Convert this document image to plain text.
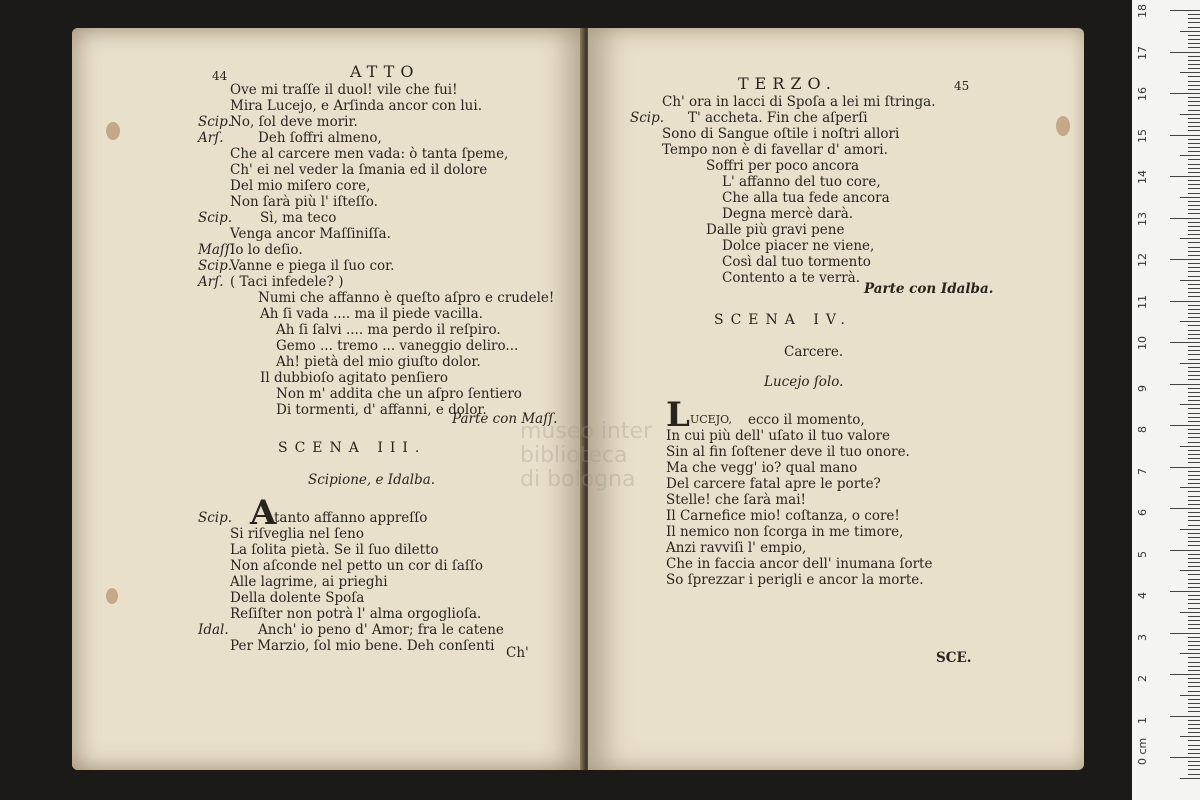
44	ATTO
Ove mi traſſe il duol! vile che fui!
Mira Lucejo, e Arſinda ancor con lui.
Scip.
No, ſol deve morir.
Arſ.	Deh ſoffri almeno,
Che al carcere men vada: ò tanta ſpeme,
Ch' ei nel veder la ſmania ed il dolore
Del mio miſero core,
Non ſarà più l' iſteſſo.
Scip. Sì, ma teco
Venga ancor Maſſiniſſa.
Maſſ.
Io lo deſio.
Scip.
Vanne e piega il ſuo cor.
Arſ. ( Taci infedele? )
Numi che affanno è queſto aſpro e crudele!
Ah ſi vada .... ma il piede vacilla.
Ah ſi ſalvi .... ma perdo il reſpiro.
Gemo ... tremo ... vaneggio deliro...
Ah! pietà del mio giuſto dolor.
Il dubbioſo agitato penſiero
Non m' addita che un aſpro ſentiero
Di tormenti, d' affanni, e dolor.
Parte con Maſſ.
SCENA III.
Scipione, e Idalba.
Scip. A
tanto affanno appreſſo
Si riſveglia nel ſeno
La ſolita pietà. Se il ſuo diletto
Non aſconde nel petto un cor di ſaſſo
Alle lagrime, ai prieghi
Della dolente Spoſa
Reſiſter non potrà l' alma orgoglioſa.
Idal. Anch' io peno d' Amor; fra le catene
Per Marzio, ſol mio bene. Deh conſenti Ch'
TERZO.	45
Ch' ora in lacci di Spoſa a lei mi ſtringa.
Scip. T' accheta. Fin che aſperſi
Sono di Sangue oſtile i noſtri allori
Tempo non è di favellar d' amori.
Soffri per poco ancora
L' affanno del tuo core,
Che alla tua fede ancora
Degna mercè darà.
Dalle più gravi pene
Dolce piacer ne viene,
Così dal tuo tormento
Contento a te verrà.
Parte con Idalba.
SCENA IV.
Carcere.
Lucejo ſolo.
L UCEJO, ecco il momento,
In cui più dell' uſato il tuo valore
Sin al fin ſoſtener deve il tuo onore.
Ma che vegg' io? qual mano
Del carcere fatal apre le porte?
Stelle! che ſarà mai!
Il Carnefice mio! coſtanza, o core!
Il nemico non ſcorga in me timore,
Anzi ravviſi l' empio,
Che in faccia ancor dell' inumana ſorte
So ſprezzar i perigli e ancor la morte.
SCE.
museo inter
biblioteca
di bologna
18
17
16
15
14
13
12
11
10
9
8
7
6
5
4
3
2
1
0 cm
